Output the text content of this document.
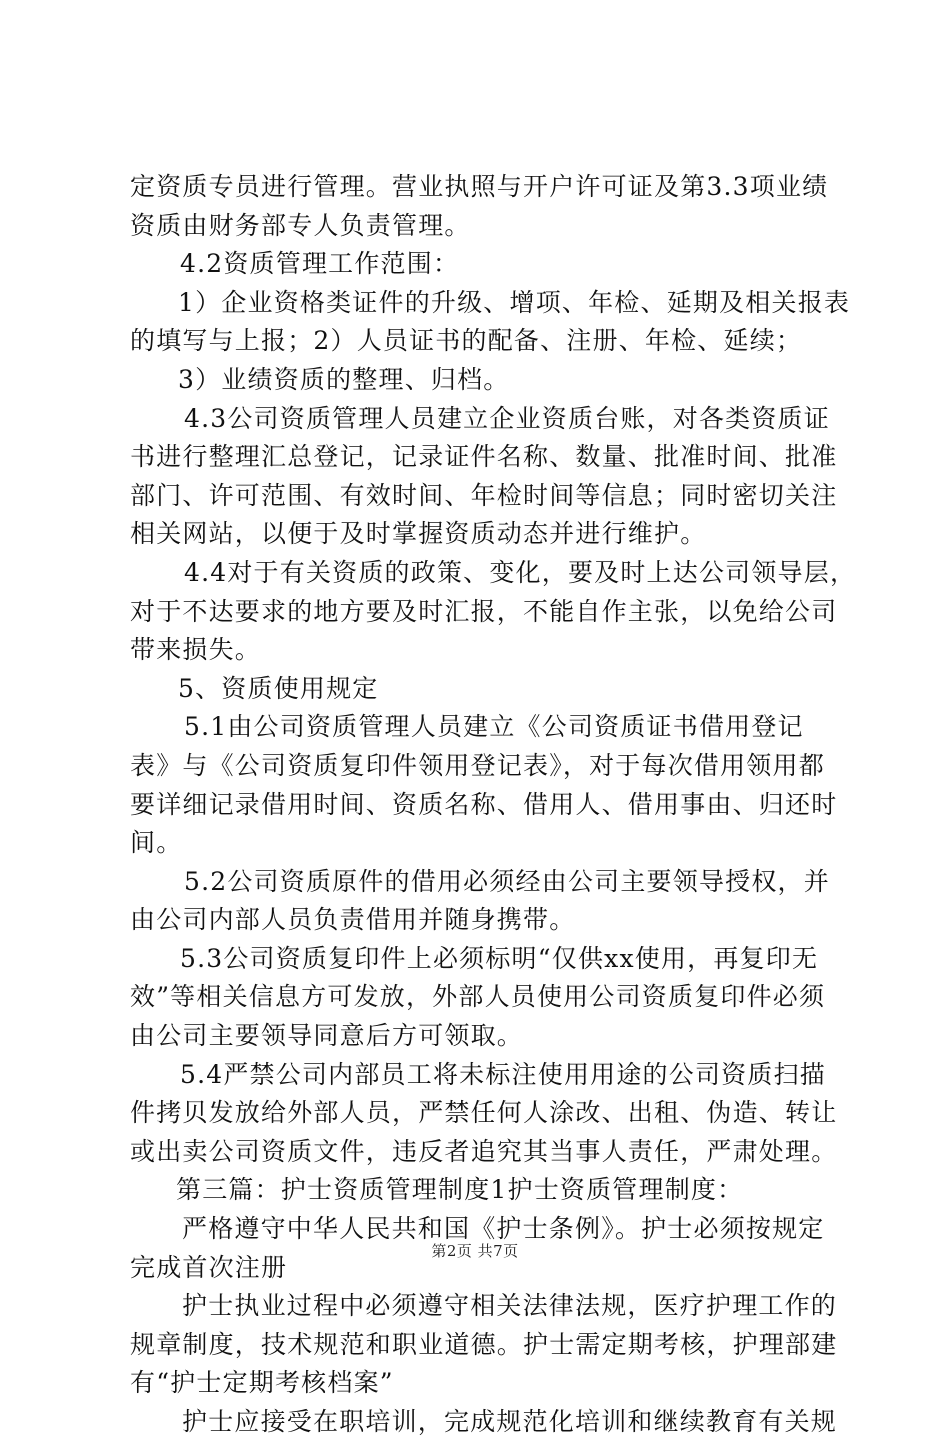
定资质专员进行管理。营业执照与开户许可证及第3.3项业绩
资质由财务部专人负责管理。
4.2资质管理工作范围：
1）企业资格类证件的升级、增项、年检、延期及相关报表
的填写与上报；2）人员证书的配备、注册、年检、延续；
3）业绩资质的整理、归档。
4.3公司资质管理人员建立企业资质台账，对各类资质证
书进行整理汇总登记，记录证件名称、数量、批准时间、批准
部门、许可范围、有效时间、年检时间等信息；同时密切关注
相关网站，以便于及时掌握资质动态并进行维护。
4.4对于有关资质的政策、变化，要及时上达公司领导层，
对于不达要求的地方要及时汇报，不能自作主张，以免给公司
带来损失。
5、资质使用规定
5.1由公司资质管理人员建立《公司资质证书借用登记
表》与《公司资质复印件领用登记表》，对于每次借用领用都
要详细记录借用时间、资质名称、借用人、借用事由、归还时
间。
5.2公司资质原件的借用必须经由公司主要领导授权，并
由公司内部人员负责借用并随身携带。
5.3公司资质复印件上必须标明“仅供xx使用，再复印无
效”等相关信息方可发放，外部人员使用公司资质复印件必须
由公司主要领导同意后方可领取。
5.4严禁公司内部员工将未标注使用用途的公司资质扫描
件拷贝发放给外部人员，严禁任何人涂改、出租、伪造、转让
或出卖公司资质文件，违反者追究其当事人责任，严肃处理。
第三篇：护士资质管理制度1护士资质管理制度：
严格遵守中华人民共和国《护士条例》。护士必须按规定
完成首次注册
护士执业过程中必须遵守相关法律法规，医疗护理工作的
规章制度，技术规范和职业道德。护士需定期考核，护理部建
有“护士定期考核档案”
护士应接受在职培训，完成规范化培训和继续教育有关规
第2页 共7页
